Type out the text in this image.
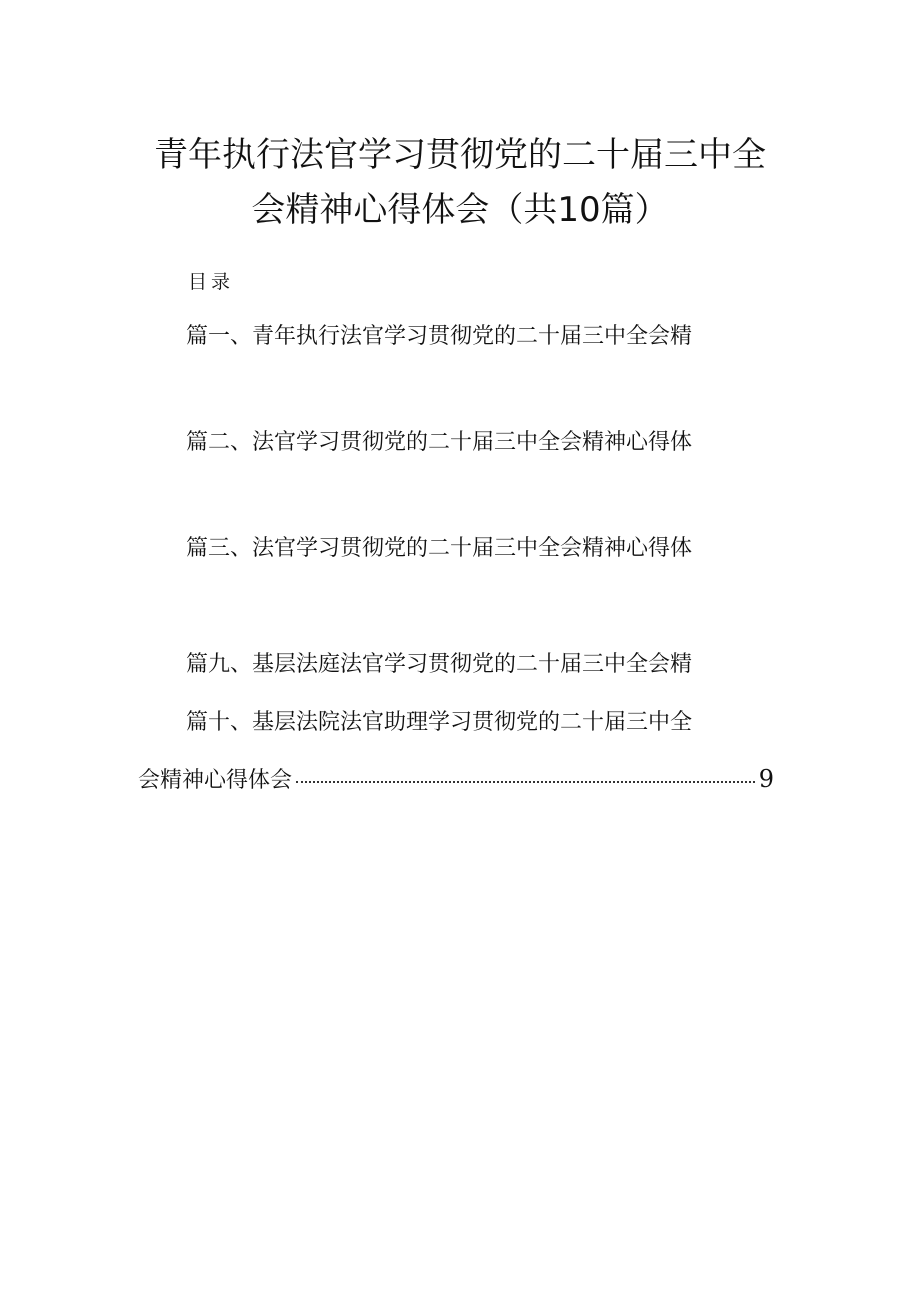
青年执行法官学习贯彻党的二十届三中全
会精神心得体会（共10篇）
目录
篇一、青年执行法官学习贯彻党的二十届三中全会精
篇二、法官学习贯彻党的二十届三中全会精神心得体
篇三、法官学习贯彻党的二十届三中全会精神心得体
篇九、基层法庭法官学习贯彻党的二十届三中全会精
篇十、基层法院法官助理学习贯彻党的二十届三中全
会精神心得体会	9
